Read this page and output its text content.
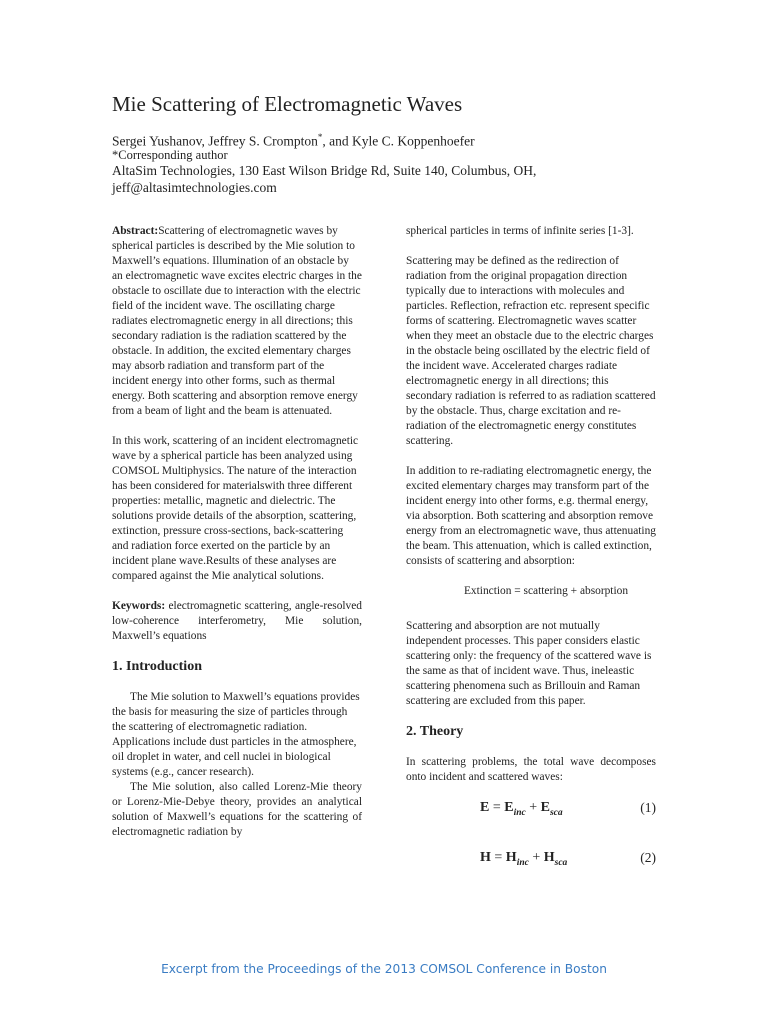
Mie Scattering of Electromagnetic Waves
Sergei Yushanov, Jeffrey S. Crompton*, and Kyle C. Koppenhoefer
*Corresponding author
AltaSim Technologies, 130 East Wilson Bridge Rd, Suite 140, Columbus, OH,
jeff@altasimtechnologies.com

Abstract:Scattering of electromagnetic waves by spherical particles is described by the Mie solution to Maxwell’s equations. Illumination of an obstacle by an electromagnetic wave excites electric charges in the obstacle to oscillate due to interaction with the electric field of the incident wave. The oscillating charge radiates electromagnetic energy in all directions; this secondary radiation is the radiation scattered by the obstacle. In addition, the excited elementary charges may absorb radiation and transform part of the incident energy into other forms, such as thermal energy. Both scattering and absorption remove energy from a beam of light and the beam is attenuated.

In this work, scattering of an incident electromagnetic wave by a spherical particle has been analyzed using COMSOL Multiphysics. The nature of the interaction has been considered for materialswith three different properties: metallic, magnetic and dielectric. The solutions provide details of the absorption, scattering, extinction, pressure cross-sections, back-scattering and radiation force exerted on the particle by an incident plane wave.Results of these analyses are compared against the Mie analytical solutions.

Keywords: electromagnetic scattering, angle-resolved low-coherence interferometry, Mie solution, Maxwell’s equations

1. Introduction

The Mie solution to Maxwell’s equations provides the basis for measuring the size of particles through the scattering of electromagnetic radiation. Applications include dust particles in the atmosphere, oil droplet in water, and cell nuclei in biological systems (e.g., cancer research).

The Mie solution, also called Lorenz-Mie theory or Lorenz-Mie-Debye theory, provides an analytical solution of Maxwell’s equations for the scattering of electromagnetic radiation by

spherical particles in terms of infinite series [1-3].

Scattering may be defined as the redirection of radiation from the original propagation direction typically due to interactions with molecules and particles. Reflection, refraction etc. represent specific forms of scattering. Electromagnetic waves scatter when they meet an obstacle due to the electric charges in the obstacle being oscillated by the electric field of the incident wave. Accelerated charges radiate electromagnetic energy in all directions; this secondary radiation is referred to as radiation scattered by the obstacle. Thus, charge excitation and re-radiation of the electromagnetic energy constitutes scattering.

In addition to re-radiating electromagnetic energy, the excited elementary charges may transform part of the incident energy into other forms, e.g. thermal energy, via absorption. Both scattering and absorption remove energy from an electromagnetic wave, thus attenuating the beam. This attenuation, which is called extinction, consists of scattering and absorption:

Extinction = scattering + absorption

Scattering and absorption are not mutually independent processes. This paper considers elastic scattering only: the frequency of the scattered wave is the same as that of incident wave. Thus, ineleastic scattering phenomena such as Brillouin and Raman scattering are excluded from this paper.

2. Theory

In scattering problems, the total wave decomposes onto incident and scattered waves:

$E = E_{inc} + E_{sca}$	(1)
$H = H_{inc} + H_{sca}$	(2)
Excerpt from the Proceedings of the 2013 COMSOL Conference in Boston
